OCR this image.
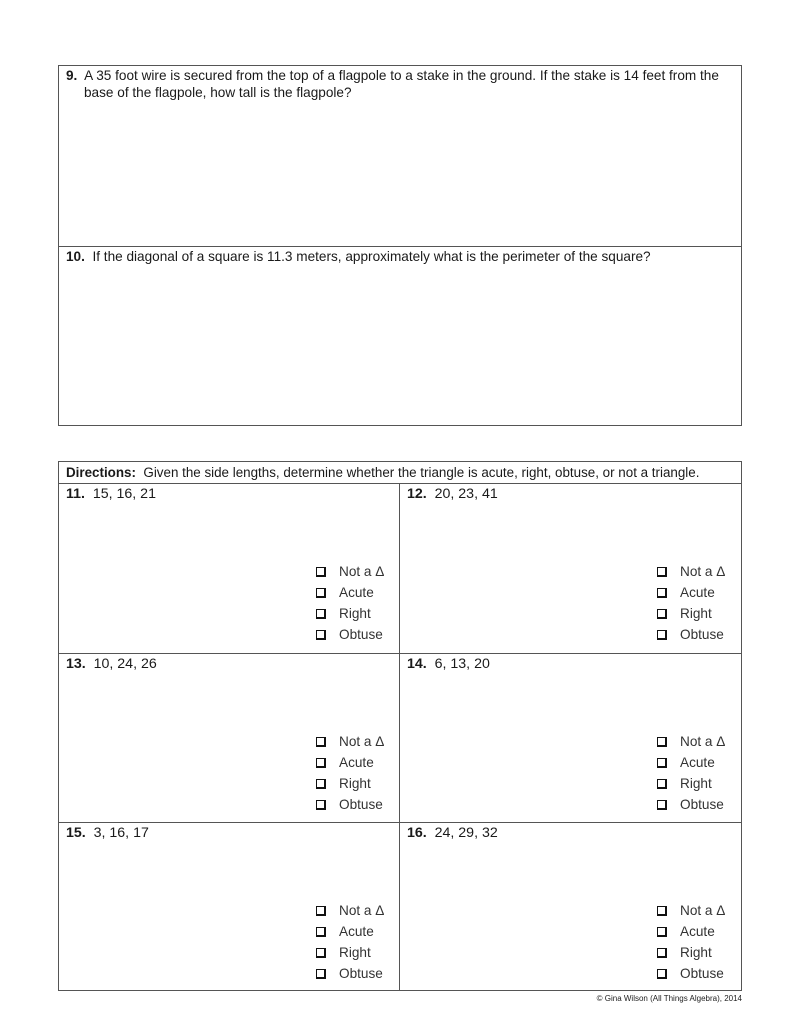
9. A 35 foot wire is secured from the top of a flagpole to a stake in the ground. If the stake is 14 feet from the base of the flagpole, how tall is the flagpole?
10. If the diagonal of a square is 11.3 meters, approximately what is the perimeter of the square?
Directions: Given the side lengths, determine whether the triangle is acute, right, obtuse, or not a triangle.
11. 15, 16, 21
Not a Δ
Acute
Right
Obtuse
12. 20, 23, 41
Not a Δ
Acute
Right
Obtuse
13. 10, 24, 26
Not a Δ
Acute
Right
Obtuse
14. 6, 13, 20
Not a Δ
Acute
Right
Obtuse
15. 3, 16, 17
Not a Δ
Acute
Right
Obtuse
16. 24, 29, 32
Not a Δ
Acute
Right
Obtuse
© Gina Wilson (All Things Algebra), 2014
